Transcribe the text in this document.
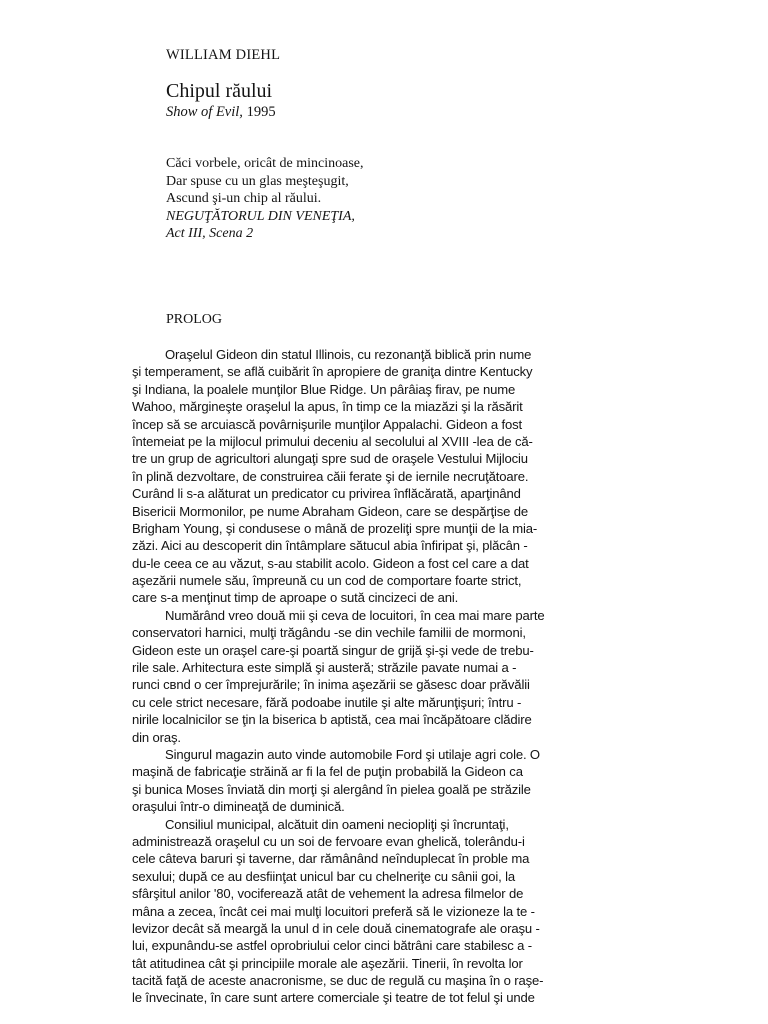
WILLIAM DIEHL
Chipul răului
Show of Evil, 1995
Căci vorbele, oricât de mincinoase,
Dar spuse cu un glas meşteşugit,
Ascund şi-un chip al răului.
NEGUŢĂTORUL DIN VENEŢIA,
Act III, Scena 2
PROLOG
Oraşelul Gideon din statul Illinois, cu rezonanţă biblică prin nume
şi temperament, se află cuibărit în apropiere de graniţa dintre Kentucky
şi Indiana, la poalele munţilor Blue Ridge. Un pârâiaş firav, pe nume
Wahoo, mărgineşte oraşelul la apus, în timp ce la miazăzi şi la răsărit
încep să se arcuiască povârnişurile munţilor Appalachi. Gideon a fost
întemeiat pe la mijlocul primului deceniu al secolului al XVIII -lea de că-
tre un grup de agricultori alungaţi spre sud de oraşele Vestului Mijlociu
în plină dezvoltare, de construirea căii ferate şi de iernile necruţătoare.
Curând li s-a alăturat un predicator cu privirea înflăcărată, aparţinând
Bisericii Mormonilor, pe nume Abraham Gideon, care se despărţise de
Brigham Young, şi condusese o mână de prozeliţi spre munţii de la mia-
zăzi. Aici au descoperit din întâmplare sătucul abia înfiripat şi, plăcân -
du-le ceea ce au văzut, s-au stabilit acolo. Gideon a fost cel care a dat
aşezării numele său, împreună cu un cod de comportare foarte strict,
care s-a menţinut timp de aproape o sută cincizeci de ani.
Numărând vreo două mii şi ceva de locuitori, în cea mai mare parte
conservatori harnici, mulţi trăgându -se din vechile familii de mormoni,
Gideon este un oraşel care-şi poartă singur de grijă şi-şi vede de trebu-
rile sale. Arhitectura este simplă şi austeră; străzile pavate numai a -
runci cвnd o cer împrejurările; în inima aşezării se găsesc doar prăvălii
cu cele strict necesare, fără podoabe inutile şi alte mărunţişuri; întru -
nirile localnicilor se ţin la biserica b aptistă, cea mai încăpătoare clădire
din oraş.
Singurul magazin auto vinde automobile Ford şi utilaje agri cole. O
maşină de fabricaţie străină ar fi la fel de puţin probabilă la Gideon ca
şi bunica Moses înviată din morţi şi alergând în pielea goală pe străzile
oraşului într-o dimineaţă de duminică.
Consiliul municipal, alcătuit din oameni necioplіţi şi încruntaţi,
administrează oraşelul cu un soi de fervoare evan ghelică, tolerându-i
cele câteva baruri şi taverne, dar rămânând neînduplecat în proble ma
sexului; după ce au desfiinţat unicul bar cu chelneriţe cu sânii goi, la
sfârşitul anilor '80, vociferează atât de vehement la adresa filmelor de
mâna a zecea, încât cei mai mulţi locuitori preferă să le vizioneze la te -
levizor decât să meargă la unul d in cele două cinematografe ale oraşu -
lui, expunându-se astfel oprobriului celor cinci bătrâni care stabilesc a -
tât atitudinea cât şi principiile morale ale aşezării. Tinerii, în revolta lor
tacită faţă de aceste anacronisme, se duc de regulă cu maşina în o raşe-
le învecinate, în care sunt artere comerciale şi teatre de tot felul şi unde
